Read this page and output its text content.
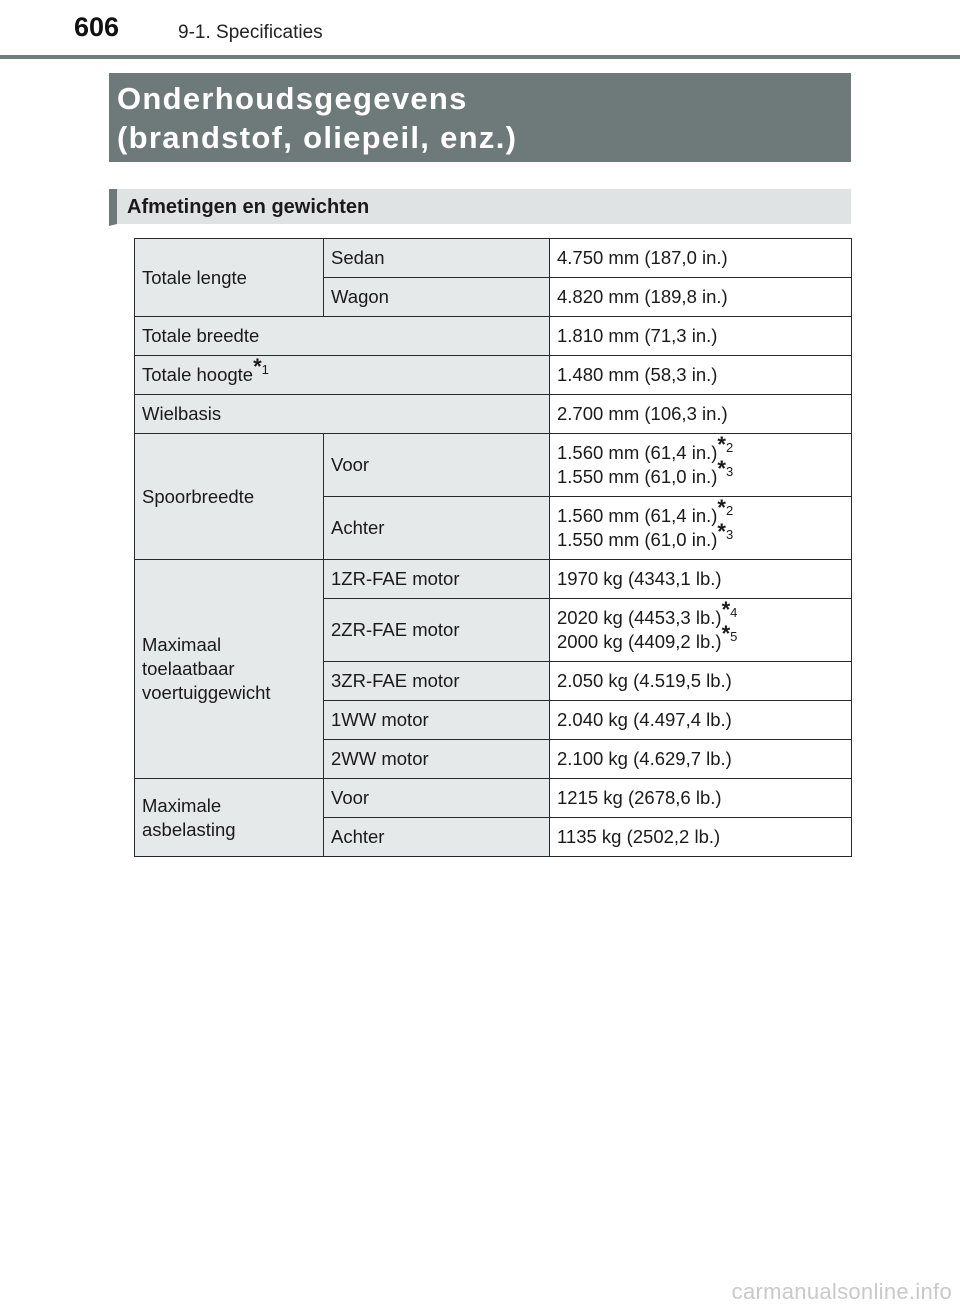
606	9-1. Specificaties
Onderhoudsgegevens
(brandstof, oliepeil, enz.)
Afmetingen en gewichten
Totale lengte	Sedan	4.750 mm (187,0 in.)
	Wagon	4.820 mm (189,8 in.)
Totale breedte		1.810 mm (71,3 in.)
Totale hoogte$^{*1}$		1.480 mm (58,3 in.)
Wielbasis		2.700 mm (106,3 in.)
Spoorbreedte	Voor	1.560 mm (61,4 in.)$^{*2}$
1.550 mm (61,0 in.)$^{*3}$

	Achter	1.560 mm (61,4 in.)$^{*2}$
1.550 mm (61,0 in.)$^{*3}$

Maximaal
toelaatbaar
voertuiggewicht	1ZR-FAE motor	1970 kg (4343,1 lb.)
	2ZR-FAE motor	2020 kg (4453,3 lb.)$^{*4}$
2000 kg (4409,2 lb.)$^{*5}$

	3ZR-FAE motor	2.050 kg (4.519,5 lb.)
	1WW motor	2.040 kg (4.497,4 lb.)
	2WW motor	2.100 kg (4.629,7 lb.)

Maximale
asbelasting	Voor	1215 kg (2678,6 lb.)
	Achter	1135 kg (2502,2 lb.)
carmanualsonline.info
